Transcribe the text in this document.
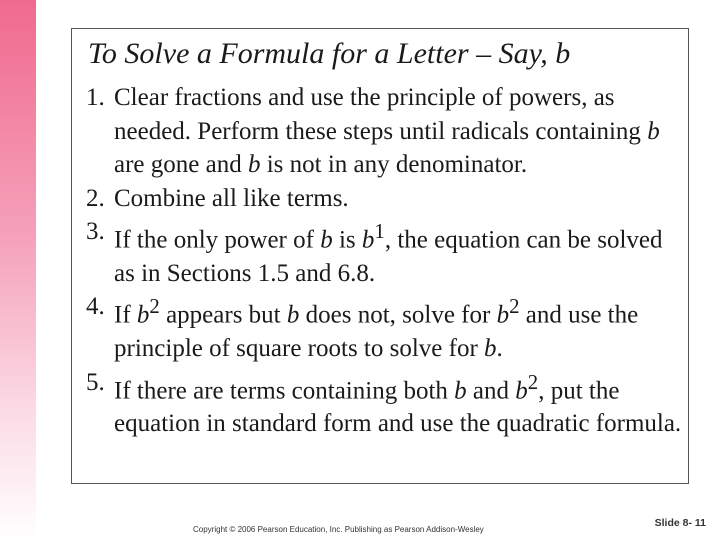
To Solve a Formula for a Letter – Say, b
1. Clear fractions and use the principle of powers, as needed. Perform these steps until radicals containing b are gone and b is not in any denominator.
2. Combine all like terms.
3. If the only power of b is $b^1$, the equation can be solved as in Sections 1.5 and 6.8.
4. If $b^2$ appears but b does not, solve for $b^2$ and use the principle of square roots to solve for b.
5. If there are terms containing both b and $b^2$, put the equation in standard form and use the quadratic formula.
Copyright © 2006 Pearson Education, Inc. Publishing as Pearson Addison-Wesley
Slide 8- 11
